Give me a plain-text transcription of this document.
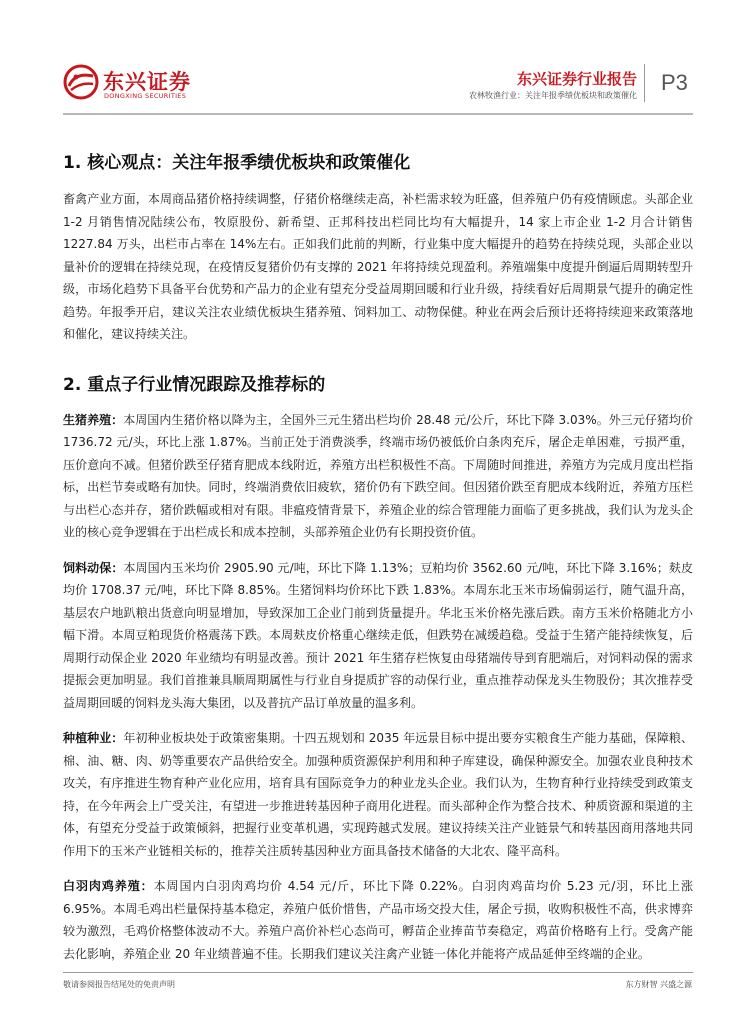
东兴证券
DONGXING SECURITIES
东兴证券行业报告
农林牧渔行业：关注年报季绩优板块和政策催化
P3
1. 核心观点：关注年报季绩优板块和政策催化

畜禽产业方面，本周商品猪价格持续调整，仔猪价格继续走高，补栏需求较为旺盛，但养殖户仍有疫情顾虑。头部企业 1-2 月销售情况陆续公布，牧原股份、新希望、正邦科技出栏同比均有大幅提升，14 家上市企业 1-2 月合计销售 1227.84 万头，出栏市占率在 14%左右。正如我们此前的判断，行业集中度大幅提升的趋势在持续兑现，头部企业以量补价的逻辑在持续兑现，在疫情反复猪价仍有支撑的 2021 年将持续兑现盈利。养殖端集中度提升倒逼后周期转型升级，市场化趋势下具备平台优势和产品力的企业有望充分受益周期回暖和行业升级，持续看好后周期景气提升的确定性趋势。年报季开启，建议关注农业绩优板块生猪养殖、饲料加工、动物保健。种业在两会后预计还将持续迎来政策落地和催化，建议持续关注。

2. 重点子行业情况跟踪及推荐标的

生猪养殖：本周国内生猪价格以降为主，全国外三元生猪出栏均价 28.48 元/公斤，环比下降 3.03%。外三元仔猪均价 1736.72 元/头，环比上涨 1.87%。当前正处于消费淡季，终端市场仍被低价白条肉充斥，屠企走单困难，亏损严重，压价意向不减。但猪价跌至仔猪育肥成本线附近，养殖方出栏积极性不高。下周随时间推进，养殖方为完成月度出栏指标，出栏节奏或略有加快。同时，终端消费依旧疲软，猪价仍有下跌空间。但因猪价跌至育肥成本线附近，养殖方压栏与出栏心态并存，猪价跌幅或相对有限。非瘟疫情背景下，养殖企业的综合管理能力面临了更多挑战，我们认为龙头企业的核心竞争逻辑在于出栏成长和成本控制，头部养殖企业仍有长期投资价值。

饲料动保：本周国内玉米均价 2905.90 元/吨，环比下降 1.13%；豆粕均价 3562.60 元/吨，环比下降 3.16%；麸皮均价 1708.37 元/吨，环比下降 8.85%。生猪饲料均价环比下跌 1.83%。本周东北玉米市场偏弱运行，随气温升高，基层农户地趴粮出货意向明显增加，导致深加工企业门前到货量提升。华北玉米价格先涨后跌。南方玉米价格随北方小幅下滑。本周豆粕现货价格震荡下跌。本周麸皮价格重心继续走低，但跌势在减缓趋稳。受益于生猪产能持续恢复，后周期行动保企业 2020 年业绩均有明显改善。预计 2021 年生猪存栏恢复由母猪端传导到育肥端后，对饲料动保的需求提振会更加明显。我们首推兼具顺周期属性与行业自身提质扩容的动保行业，重点推荐动保龙头生物股份；其次推荐受益周期回暖的饲料龙头海大集团，以及普抗产品订单放量的温多利。

种植种业：年初种业板块处于政策密集期。十四五规划和 2035 年远景目标中提出要夯实粮食生产能力基础，保障粮、棉、油、糖、肉、奶等重要农产品供给安全。加强种质资源保护利用和种子库建设，确保种源安全。加强农业良种技术攻关，有序推进生物育种产业化应用，培育具有国际竞争力的种业龙头企业。我们认为，生物育种行业持续受到政策支持，在今年两会上广受关注，有望进一步推进转基因种子商用化进程。而头部种企作为整合技术、种质资源和渠道的主体，有望充分受益于政策倾斜，把握行业变革机遇，实现跨越式发展。建议持续关注产业链景气和转基因商用落地共同作用下的玉米产业链相关标的，推荐关注质转基因种业方面具备技术储备的大北农、隆平高科。

白羽肉鸡养殖：本周国内白羽肉鸡均价 4.54 元/斤，环比下降 0.22%。白羽肉鸡苗均价 5.23 元/羽，环比上涨 6.95%。本周毛鸡出栏量保持基本稳定，养殖户低价惜售，产品市场交投大佳，屠企亏损，收购积极性不高，供求博弈较为激烈，毛鸡价格整体波动不大。养殖户高价补栏心态尚可，孵苗企业捧苗节奏稳定，鸡苗价格略有上行。受禽产能去化影响，养殖企业 20 年业绩普遍不佳。长期我们建议关注禽产业链一体化并能将产成品延伸至终端的企业。

敬请参阅报告结尾处的免责声明	东方财智 兴盛之源
